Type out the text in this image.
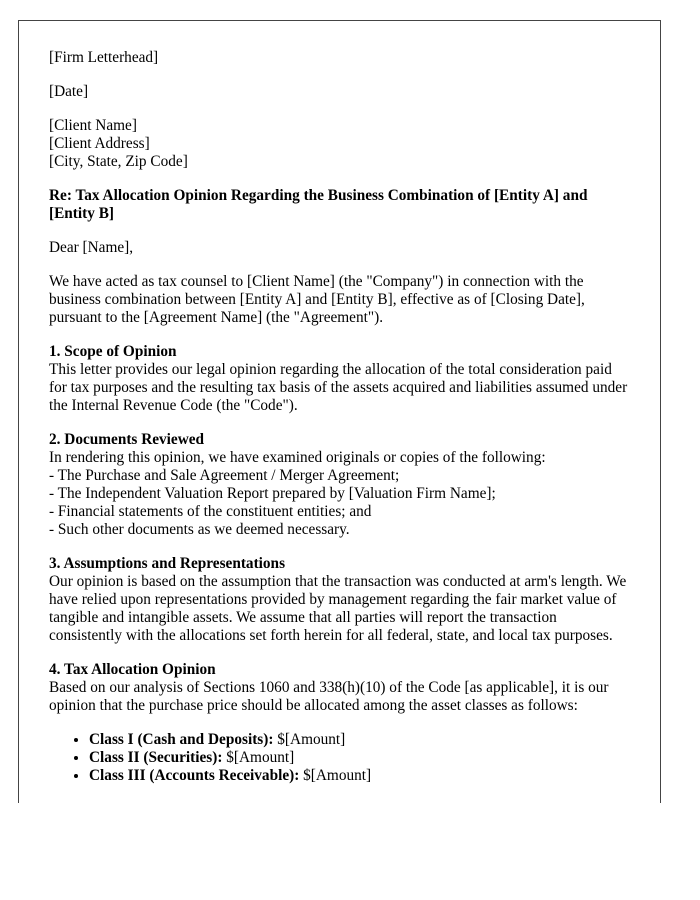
[Firm Letterhead]

[Date]

[Client Name]
[Client Address]
[City, State, Zip Code]

Re: Tax Allocation Opinion Regarding the Business Combination of [Entity A] and [Entity B]

Dear [Name],

We have acted as tax counsel to [Client Name] (the "Company") in connection with the business combination between [Entity A] and [Entity B], effective as of [Closing Date], pursuant to the [Agreement Name] (the "Agreement").

1. Scope of Opinion
This letter provides our legal opinion regarding the allocation of the total consideration paid for tax purposes and the resulting tax basis of the assets acquired and liabilities assumed under the Internal Revenue Code (the "Code").
2. Documents Reviewed
In rendering this opinion, we have examined originals or copies of the following:
- The Purchase and Sale Agreement / Merger Agreement;
- The Independent Valuation Report prepared by [Valuation Firm Name];
- Financial statements of the constituent entities; and
- Such other documents as we deemed necessary.
3. Assumptions and Representations
Our opinion is based on the assumption that the transaction was conducted at arm's length. We have relied upon representations provided by management regarding the fair market value of tangible and intangible assets. We assume that all parties will report the transaction consistently with the allocations set forth herein for all federal, state, and local tax purposes.
4. Tax Allocation Opinion
Based on our analysis of Sections 1060 and 338(h)(10) of the Code [as applicable], it is our opinion that the purchase price should be allocated among the asset classes as follows:
• Class I (Cash and Deposits): $[Amount]
• Class II (Securities): $[Amount]
• Class III (Accounts Receivable): $[Amount]
